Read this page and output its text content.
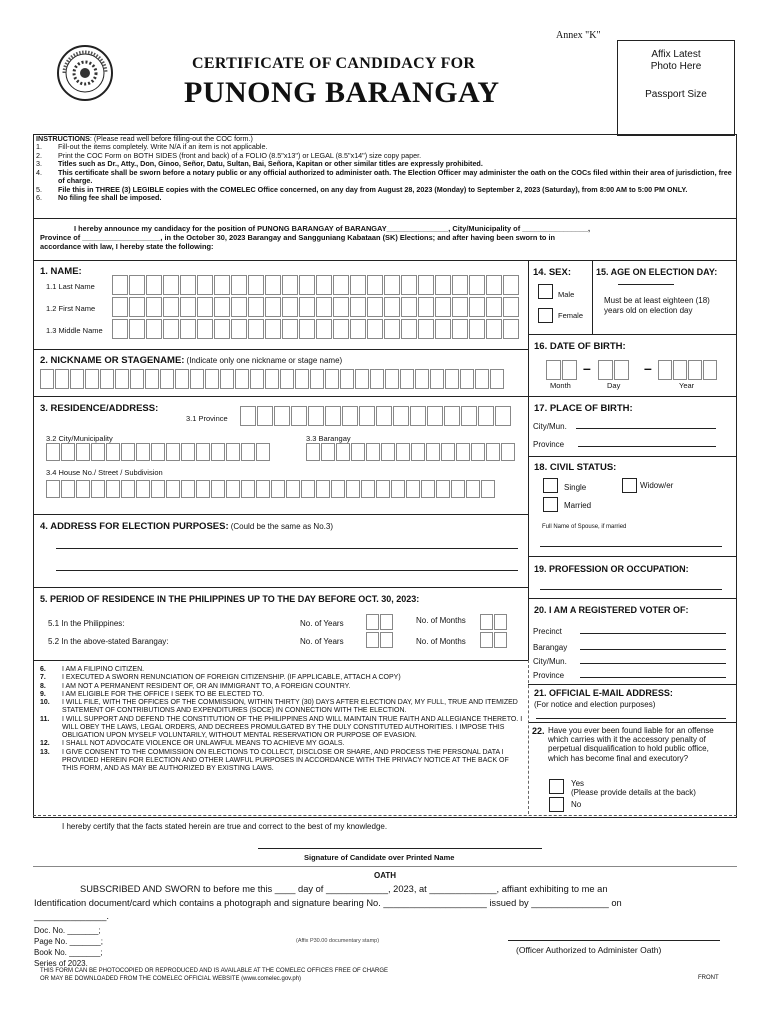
Annex "K"
CERTIFICATE OF CANDIDACY FOR
PUNONG BARANGAY
Affix Latest
Photo Here
Passport Size
INSTRUCTIONS: (Please read well before filling-out the COC form.)
1.	Fill-out the items completely. Write N/A if an item is not applicable.
2.	Print the COC Form on BOTH SIDES (front and back) of a FOLIO (8.5"x13") or LEGAL (8.5"x14") size copy paper.
3.	Titles such as Dr., Atty., Don, Ginoo, Señor, Datu, Sultan, Bai, Señora, Kapitan or other similar titles are expressly prohibited.
4.	This certificate shall be sworn before a notary public or any official authorized to administer oath. The Election Officer may administer the oath on the COCs filed within their area of jurisdiction, free of charge.
5.	File this in THREE (3) LEGIBLE copies with the COMELEC Office concerned, on any day from August 28, 2023 (Monday) to September 2, 2023 (Saturday), from 8:00 AM to 5:00 PM ONLY.
6.	No filing fee shall be imposed.
I hereby announce my candidacy for the position of PUNONG BARANGAY of BARANGAY_______________, City/Municipality of ________________,
Province of ___________________, in the October 30, 2023 Barangay and Sangguniang Kabataan (SK) Elections; and after having been sworn to in
accordance with law, I hereby state the following:
1. NAME:
1.1 Last Name
1.2 First Name
1.3 Middle Name
2. NICKNAME OR STAGENAME: (Indicate only one nickname or stage name)
3. RESIDENCE/ADDRESS:
3.1 Province
3.2 City/Municipality	3.3 Barangay
3.4 House No./ Street / Subdivision
4. ADDRESS FOR ELECTION PURPOSES: (Could be the same as No.3)
5. PERIOD OF RESIDENCE IN THE PHILIPPINES UP TO THE DAY BEFORE OCT. 30, 2023:
5.1 In the Philippines:	No. of Years	No. of Months
5.2 In the above-stated Barangay:	No. of Years	No. of Months
14. SEX:
Male
Female
15. AGE ON ELECTION DAY:
Must be at least eighteen (18) years old on election day
16. DATE OF BIRTH:
–	–
Month	Day	Year
17. PLACE OF BIRTH:
City/Mun.
Province
18. CIVIL STATUS:
Single	Widow/er
Married
Full Name of Spouse, if married
19. PROFESSION OR OCCUPATION:
20. I AM A REGISTERED VOTER OF:
Precinct
Barangay
City/Mun.
Province
21. OFFICIAL E-MAIL ADDRESS:
(For notice and election purposes)
22. Have you ever been found liable for an offense which carries with it the accessory penalty of perpetual disqualification to hold public office, which has become final and executory?
Yes
(Please provide details at the back)
No
6.	I AM A FILIPINO CITIZEN.
7.	I EXECUTED A SWORN RENUNCIATION OF FOREIGN CITIZENSHIP. (IF APPLICABLE, ATTACH A COPY)
8.	I AM NOT A PERMANENT RESIDENT OF, OR AN IMMIGRANT TO, A FOREIGN COUNTRY.
9.	I AM ELIGIBLE FOR THE OFFICE I SEEK TO BE ELECTED TO.
10.	I WILL FILE, WITH THE OFFICES OF THE COMMISSION, WITHIN THIRTY (30) DAYS AFTER ELECTION DAY, MY FULL, TRUE AND ITEMIZED STATEMENT OF CONTRIBUTIONS AND EXPENDITURES (SOCE) IN CONNECTION WITH THE ELECTION.
11.	I WILL SUPPORT AND DEFEND THE CONSTITUTION OF THE PHILIPPINES AND WILL MAINTAIN TRUE FAITH AND ALLEGIANCE THERETO. I WILL OBEY THE LAWS, LEGAL ORDERS, AND DECREES PROMULGATED BY THE DULY CONSTITUTED AUTHORITIES. I IMPOSE THIS OBLIGATION UPON MYSELF VOLUNTARILY, WITHOUT MENTAL RESERVATION OR PURPOSE OF EVASION.
12.	I SHALL NOT ADVOCATE VIOLENCE OR UNLAWFUL MEANS TO ACHIEVE MY GOALS.
13.	I GIVE CONSENT TO THE COMMISSION ON ELECTIONS TO COLLECT, DISCLOSE OR SHARE, AND PROCESS THE PERSONAL DATA I PROVIDED HEREIN FOR ELECTION AND OTHER LAWFUL PURPOSES IN ACCORDANCE WITH THE PRIVACY NOTICE AT THE BACK OF THIS FORM, AND AS MAY BE AUTHORIZED BY EXISTING LAWS.
I hereby certify that the facts stated herein are true and correct to the best of my knowledge.
Signature of Candidate over Printed Name
OATH
SUBSCRIBED AND SWORN to before me this ____ day of ____________, 2023, at _____________, affiant exhibiting to me an
Identification document/card which contains a photograph and signature bearing No. ____________________ issued by _______________ on
______________.
Doc. No. _______;
Page No. _______;
Book No. _______;
Series of 2023.
(Affix P30.00 documentary stamp)
(Officer Authorized to Administer Oath)
THIS FORM CAN BE PHOTOCOPIED OR REPRODUCED AND IS AVAILABLE AT THE COMELEC OFFICES FREE OF CHARGE
OR MAY BE DOWNLOADED FROM THE COMELEC OFFICIAL WEBSITE (www.comelec.gov.ph)	FRONT
